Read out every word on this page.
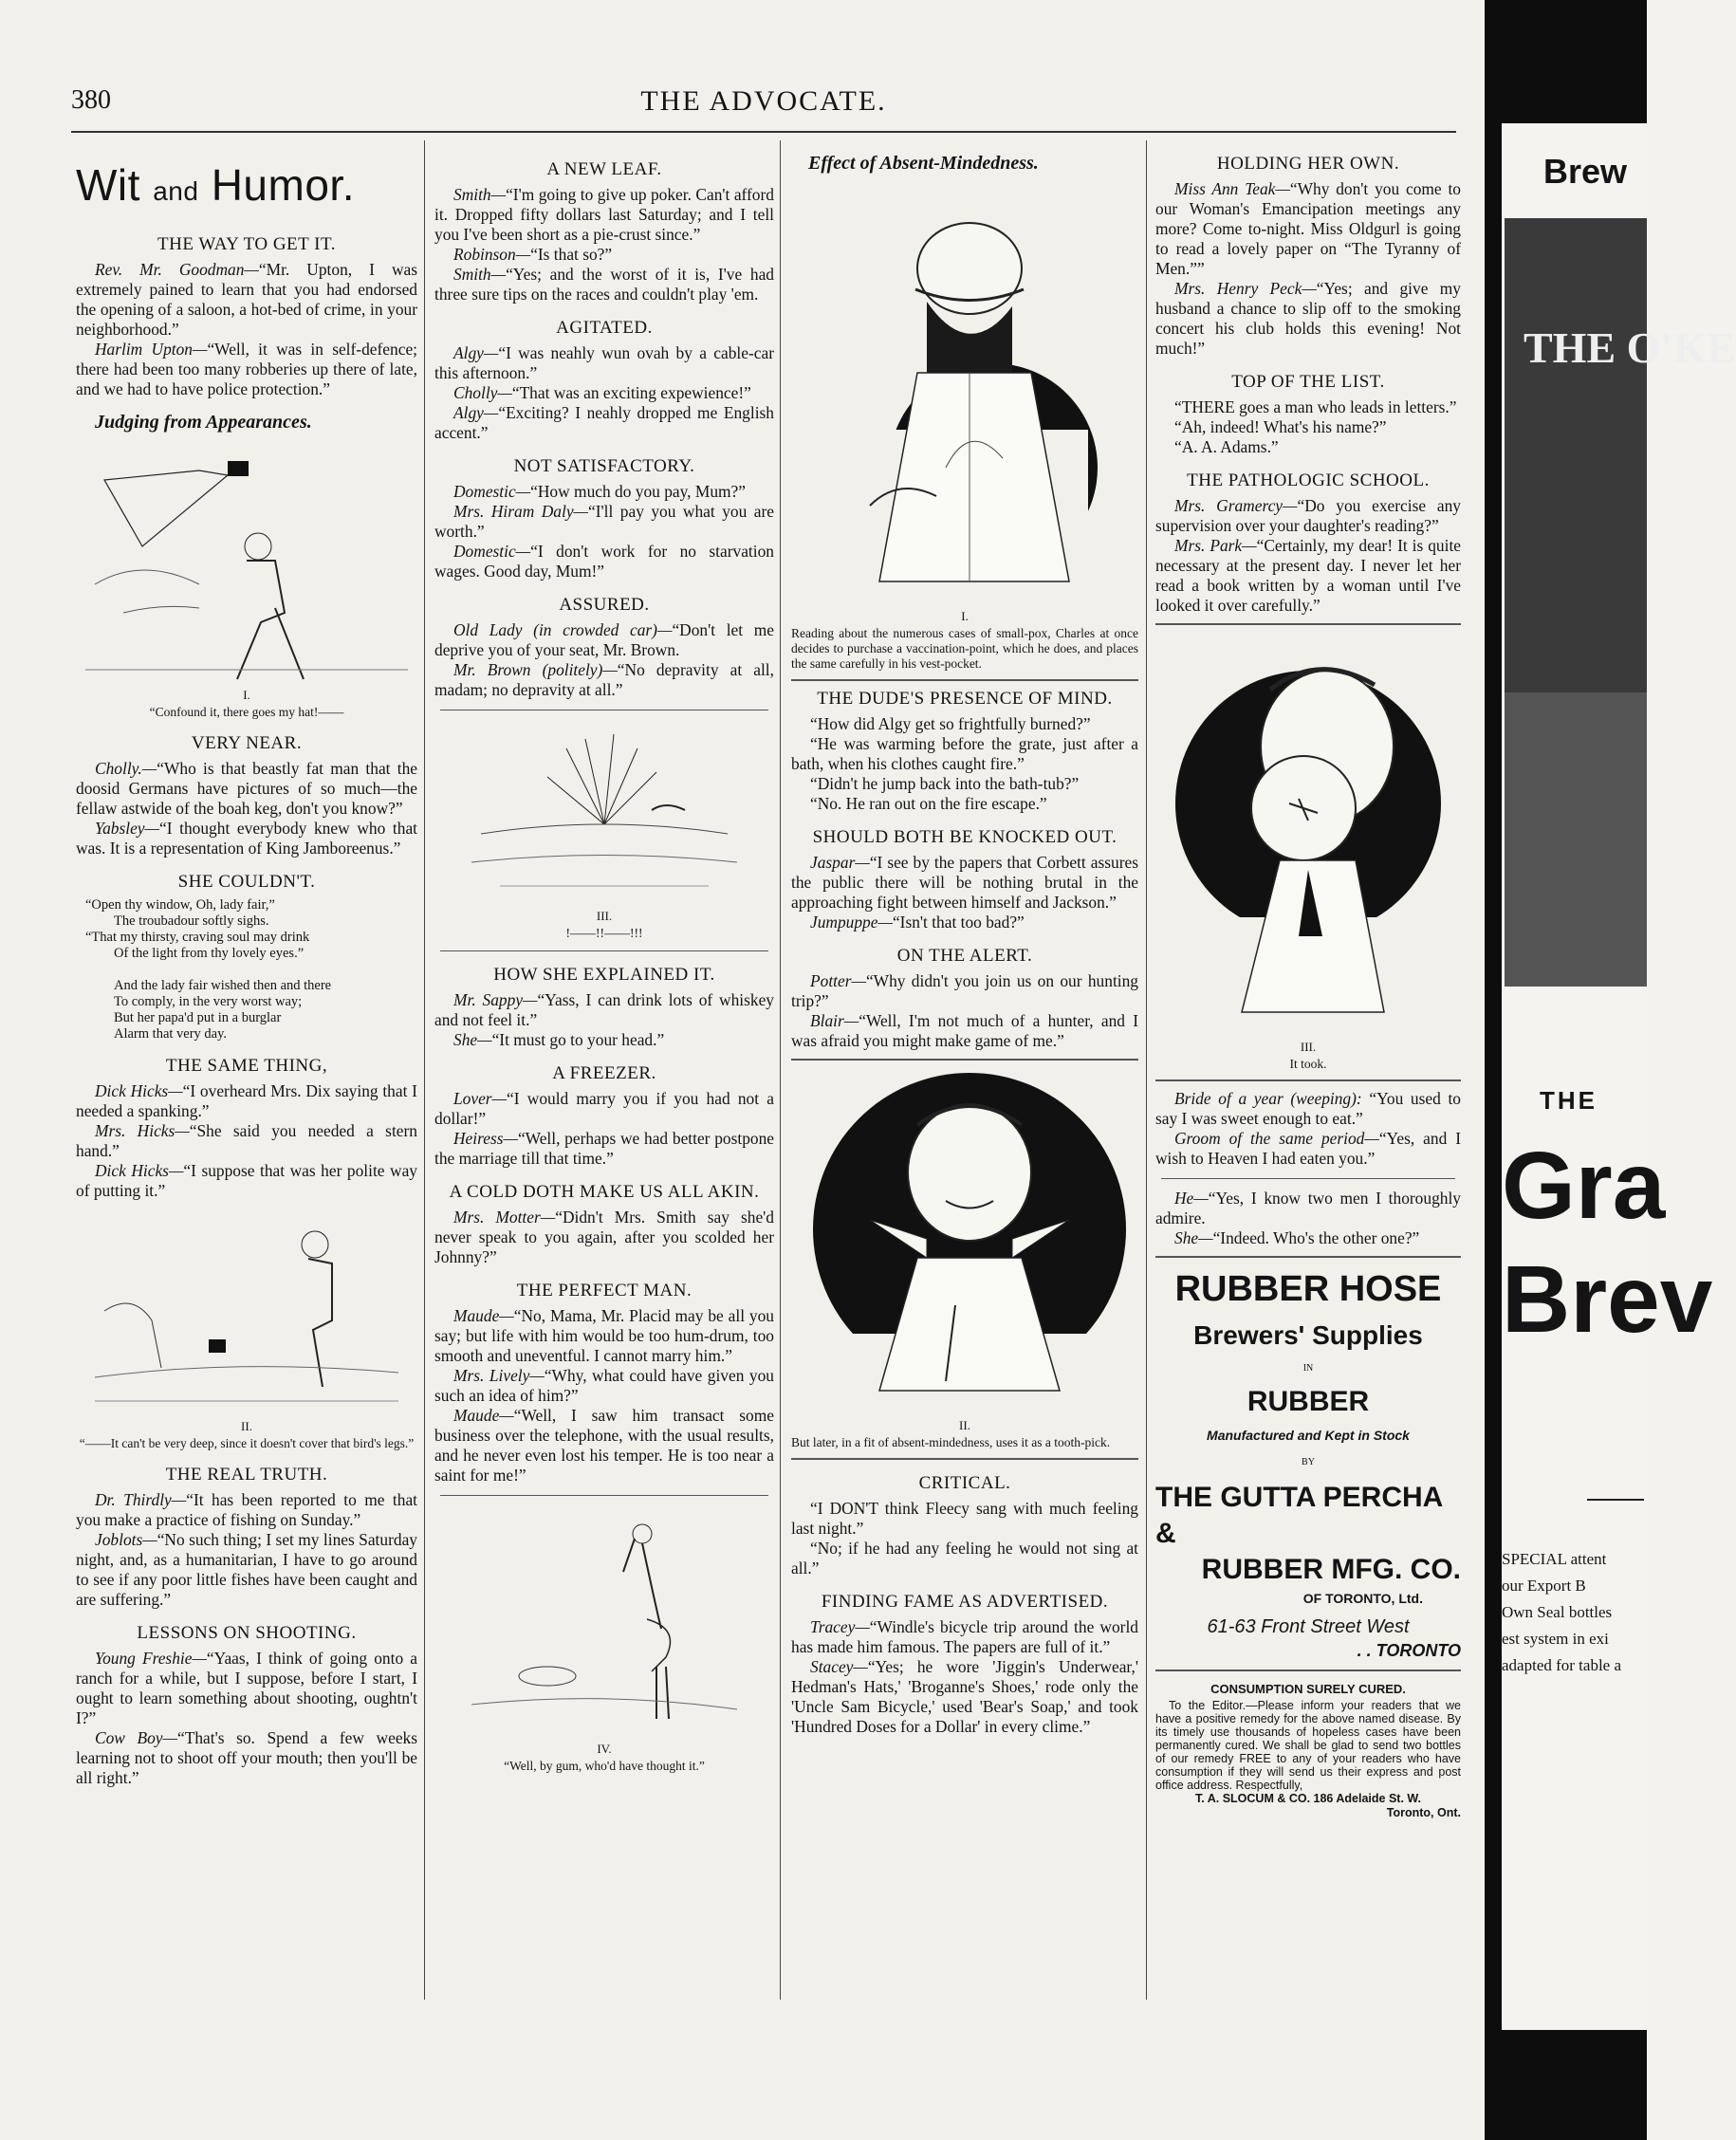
380	THE ADVOCATE.
Wit and Humor.
THE WAY TO GET IT.

Rev. Mr. Goodman—“Mr. Upton, I was extremely pained to learn that you had endorsed the opening of a saloon, a hot-bed of crime, in your neighborhood.”

Harlim Upton—“Well, it was in self-defence; there had been too many robberies up there of late, and we had to have police protection.”

Judging from Appearances.
I.
“Confound it, there goes my hat!——
VERY NEAR.

Cholly.—“Who is that beastly fat man that the doosid Germans have pictures of so much—the fellaw astwide of the boah keg, don't you know?”

Yabsley—“I thought everybody knew who that was. It is a representation of King Jamboreenus.”

SHE COULDN'T.
“Open thy window, Oh, lady fair,”
The troubadour softly sighs.
“That my thirsty, craving soul may drink
Of the light from thy lovely eyes.”

And the lady fair wished then and there
To comply, in the very worst way;
But her papa'd put in a burglar
Alarm that very day.
THE SAME THING,

Dick Hicks—“I overheard Mrs. Dix saying that I needed a spanking.”

Mrs. Hicks—“She said you needed a stern hand.”

Dick Hicks—“I suppose that was her polite way of putting it.”

II.
“——It can't be very deep, since it doesn't cover that bird's legs.”
THE REAL TRUTH.

Dr. Thirdly—“It has been reported to me that you make a practice of fishing on Sunday.”

Joblots—“No such thing; I set my lines Saturday night, and, as a humanitarian, I have to go around to see if any poor little fishes have been caught and are suffering.”

LESSONS ON SHOOTING.

Young Freshie—“Yaas, I think of going onto a ranch for a while, but I suppose, before I start, I ought to learn something about shooting, oughtn't I?”

Cow Boy—“That's so. Spend a few weeks learning not to shoot off your mouth; then you'll be all right.”

A NEW LEAF.

Smith—“I'm going to give up poker. Can't afford it. Dropped fifty dollars last Saturday; and I tell you I've been short as a pie-crust since.”

Robinson—“Is that so?”

Smith—“Yes; and the worst of it is, I've had three sure tips on the races and couldn't play 'em.

AGITATED.

Algy—“I was neahly wun ovah by a cable-car this afternoon.”

Cholly—“That was an exciting expewience!”

Algy—“Exciting? I neahly dropped me English accent.”

NOT SATISFACTORY.

Domestic—“How much do you pay, Mum?”

Mrs. Hiram Daly—“I'll pay you what you are worth.”

Domestic—“I don't work for no starvation wages. Good day, Mum!”

ASSURED.

Old Lady (in crowded car)—“Don't let me deprive you of your seat, Mr. Brown.

Mr. Brown (politely)—“No depravity at all, madam; no depravity at all.”

III.
!——!!——!!!
HOW SHE EXPLAINED IT.

Mr. Sappy—“Yass, I can drink lots of whiskey and not feel it.”

She—“It must go to your head.”

A FREEZER.

Lover—“I would marry you if you had not a dollar!”

Heiress—“Well, perhaps we had better postpone the marriage till that time.”

A COLD DOTH MAKE US ALL AKIN.

Mrs. Motter—“Didn't Mrs. Smith say she'd never speak to you again, after you scolded her Johnny?”

THE PERFECT MAN.

Maude—“No, Mama, Mr. Placid may be all you say; but life with him would be too hum-drum, too smooth and uneventful. I cannot marry him.”

Mrs. Lively—“Why, what could have given you such an idea of him?”

Maude—“Well, I saw him transact some business over the telephone, with the usual results, and he never even lost his temper. He is too near a saint for me!”

IV.
“Well, by gum, who'd have thought it.”
Effect of Absent-Mindedness.
I.
Reading about the numerous cases of small-pox, Charles at once decides to purchase a vaccination-point, which he does, and places the same carefully in his vest-pocket.
THE DUDE'S PRESENCE OF MIND.

“How did Algy get so frightfully burned?”

“He was warming before the grate, just after a bath, when his clothes caught fire.”

“Didn't he jump back into the bath-tub?”

“No. He ran out on the fire escape.”

SHOULD BOTH BE KNOCKED OUT.

Jaspar—“I see by the papers that Corbett assures the public there will be nothing brutal in the approaching fight between himself and Jackson.”

Jumpuppe—“Isn't that too bad?”

ON THE ALERT.

Potter—“Why didn't you join us on our hunting trip?”

Blair—“Well, I'm not much of a hunter, and I was afraid you might make game of me.”

II.
But later, in a fit of absent-mindedness, uses it as a tooth-pick.
CRITICAL.

“I DON'T think Fleecy sang with much feeling last night.”

“No; if he had any feeling he would not sing at all.”

FINDING FAME AS ADVERTISED.

Tracey—“Windle's bicycle trip around the world has made him famous. The papers are full of it.”

Stacey—“Yes; he wore 'Jiggin's Underwear,' Hedman's Hats,' 'Broganne's Shoes,' rode only the 'Uncle Sam Bicycle,' used 'Bear's Soap,' and took 'Hundred Doses for a Dollar' in every clime.”

HOLDING HER OWN.

Miss Ann Teak—“Why don't you come to our Woman's Emancipation meetings any more? Come to-night. Miss Oldgurl is going to read a lovely paper on “The Tyranny of Men.””

Mrs. Henry Peck—“Yes; and give my husband a chance to slip off to the smoking concert his club holds this evening! Not much!”

TOP OF THE LIST.

“THERE goes a man who leads in letters.”

“Ah, indeed! What's his name?”

“A. A. Adams.”

THE PATHOLOGIC SCHOOL.

Mrs. Gramercy—“Do you exercise any supervision over your daughter's reading?”

Mrs. Park—“Certainly, my dear! It is quite necessary at the present day. I never let her read a book written by a woman until I've looked it over carefully.”

III.
It took.

Bride of a year (weeping): “You used to say I was sweet enough to eat.”

Groom of the same period—“Yes, and I wish to Heaven I had eaten you.”

He—“Yes, I know two men I thoroughly admire.

She—“Indeed. Who's the other one?”

RUBBER HOSE
Brewers' Supplies
IN
RUBBER
Manufactured and Kept in Stock
BY
THE GUTTA PERCHA &
RUBBER MFG. CO.
OF TORONTO, Ltd.
61-63 Front Street West
. . TORONTO
CONSUMPTION SURELY CURED.
To the Editor.—Please inform your readers that we have a positive remedy for the above named disease. By its timely use thousands of hopeless cases have been permanently cured. We shall be glad to send two bottles of our remedy FREE to any of your readers who have consumption if they will send us their express and post office address. Respectfully,
T. A. SLOCUM & CO. 186 Adelaide St. W.
Toronto, Ont.
Brew
THE O'KE
THE
Gra
Brev
SPECIAL attent
our Export B
Own Seal bottles
est system in exi
adapted for table a
